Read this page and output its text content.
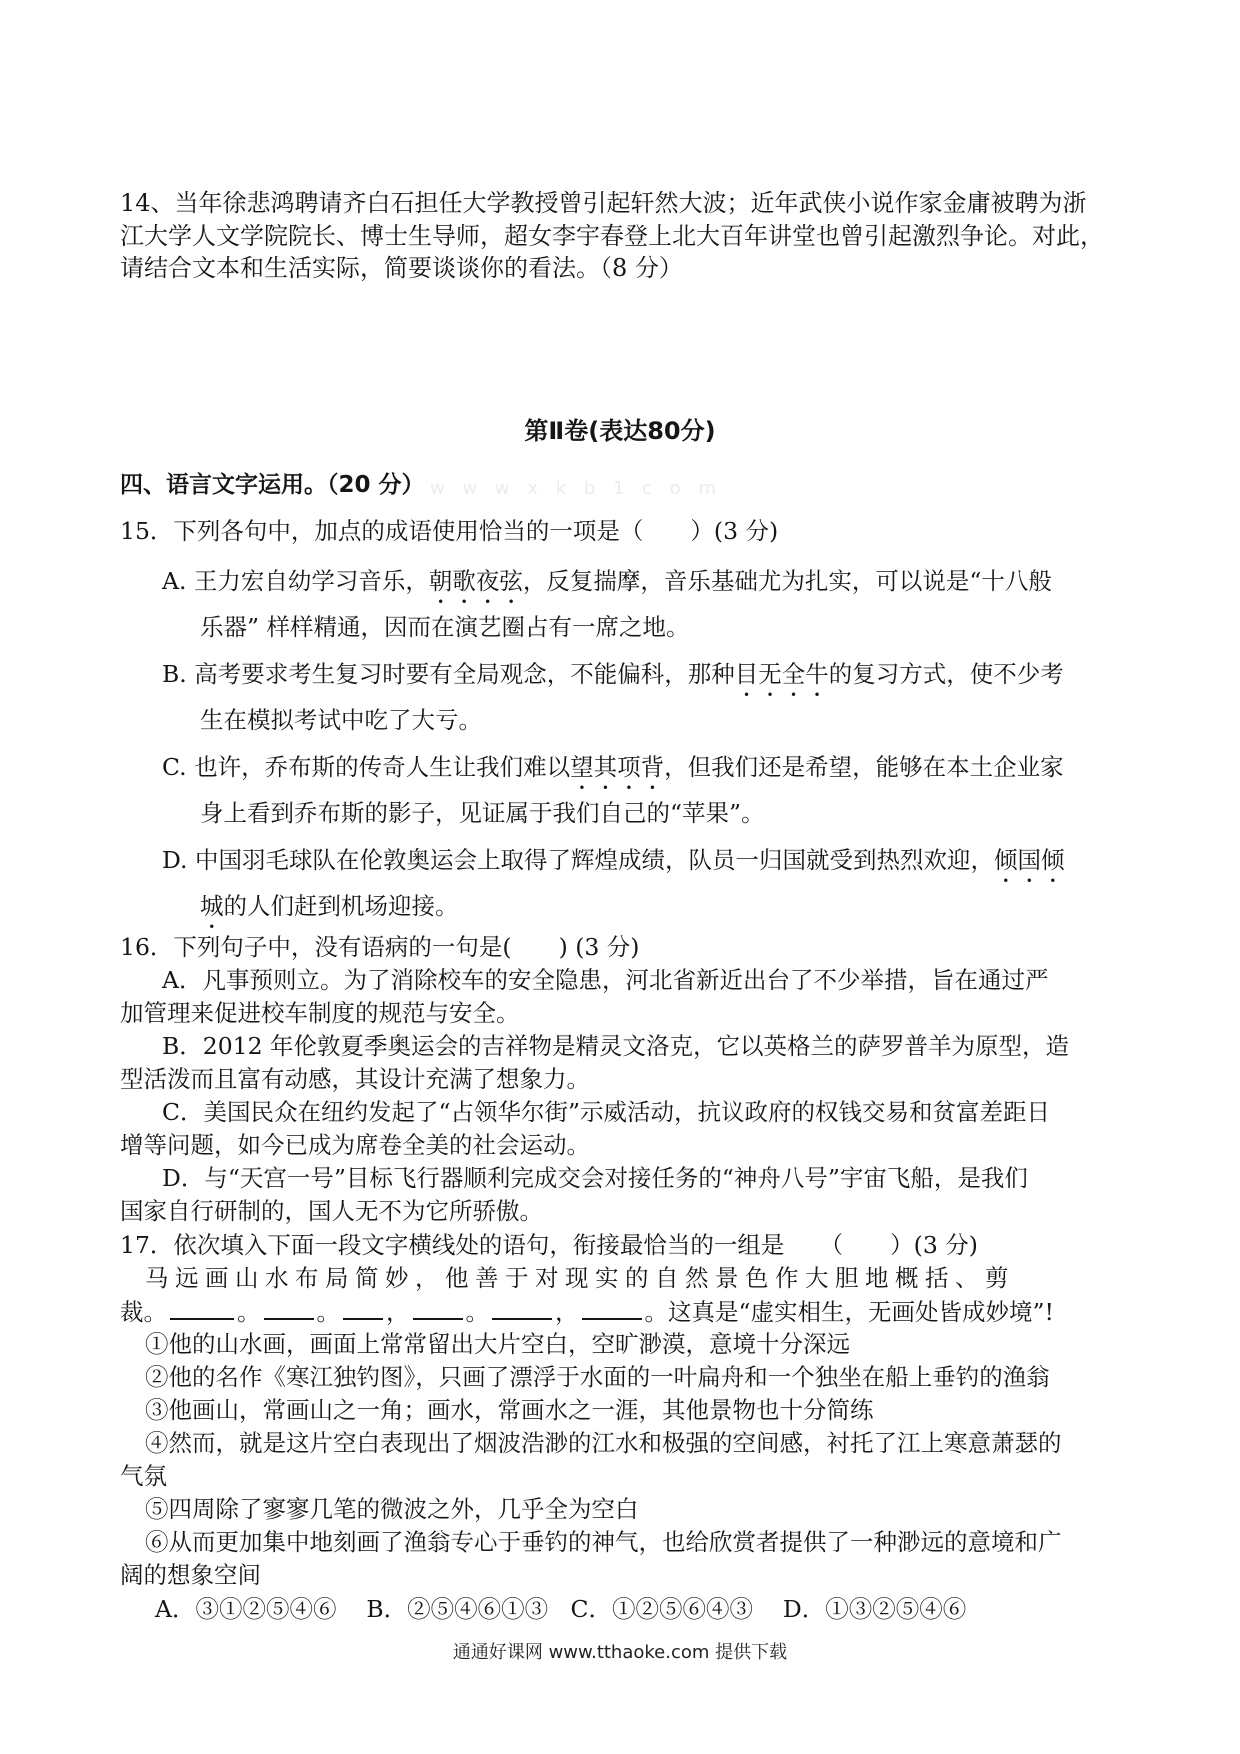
14、当年徐悲鸿聘请齐白石担任大学教授曾引起轩然大波；近年武侠小说作家金庸被聘为浙
江大学人文学院院长、博士生导师，超女李宇春登上北大百年讲堂也曾引起激烈争论。对此，
请结合文本和生活实际，简要谈谈你的看法。（8 分）
第Ⅱ卷(表达80分)
w w w x k b 1 c o m
四、语言文字运用。（20 分）
15．下列各句中，加点的成语使用恰当的一项是（　　）(3 分)
A. 王力宏自幼学习音乐，朝歌夜弦，反复揣摩，音乐基础尤为扎实，可以说是“十八般
乐器” 样样精通，因而在演艺圈占有一席之地。
B. 高考要求考生复习时要有全局观念，不能偏科，那种目无全牛的复习方式，使不少考
生在模拟考试中吃了大亏。
C. 也许，乔布斯的传奇人生让我们难以望其项背，但我们还是希望，能够在本土企业家
身上看到乔布斯的影子，见证属于我们自己的“苹果”。
D. 中国羽毛球队在伦敦奥运会上取得了辉煌成绩，队员一归国就受到热烈欢迎，倾国倾
城的人们赶到机场迎接。
16．下列句子中，没有语病的一句是(　　) (3 分)
A．凡事预则立。为了消除校车的安全隐患，河北省新近出台了不少举措，旨在通过严
加管理来促进校车制度的规范与安全。
B．2012 年伦敦夏季奥运会的吉祥物是精灵文洛克，它以英格兰的萨罗普羊为原型，造
型活泼而且富有动感，其设计充满了想象力。
C．美国民众在纽约发起了“占领华尔街”示威活动，抗议政府的权钱交易和贫富差距日
增等问题，如今已成为席卷全美的社会运动。
D．与“天宫一号”目标飞行器顺利完成交会对接任务的“神舟八号”宇宙飞船，是我们
国家自行研制的，国人无不为它所骄傲。
17．依次填入下面一段文字横线处的语句，衔接最恰当的一组是　　（　　）(3 分)
马远画山水布局简妙，他善于对现实的自然景色作大胆地概括、剪
裁。	。 。 ， 。	，	。这真是“虚实相生，无画处皆成妙境”!
①他的山水画，画面上常常留出大片空白，空旷渺漠，意境十分深远
②他的名作《寒江独钓图》，只画了漂浮于水面的一叶扁舟和一个独坐在船上垂钓的渔翁
③他画山，常画山之一角；画水，常画水之一涯，其他景物也十分简练
④然而，就是这片空白表现出了烟波浩渺的江水和极强的空间感，衬托了江上寒意萧瑟的
气氛
⑤四周除了寥寥几笔的微波之外，几乎全为空白
⑥从而更加集中地刻画了渔翁专心于垂钓的神气，也给欣赏者提供了一种渺远的意境和广
阔的想象空间
A．③①②⑤④⑥    B．②⑤④⑥①③   C．①②⑤⑥④③    D．①③②⑤④⑥
通通好课网 www.tthaoke.com 提供下载
